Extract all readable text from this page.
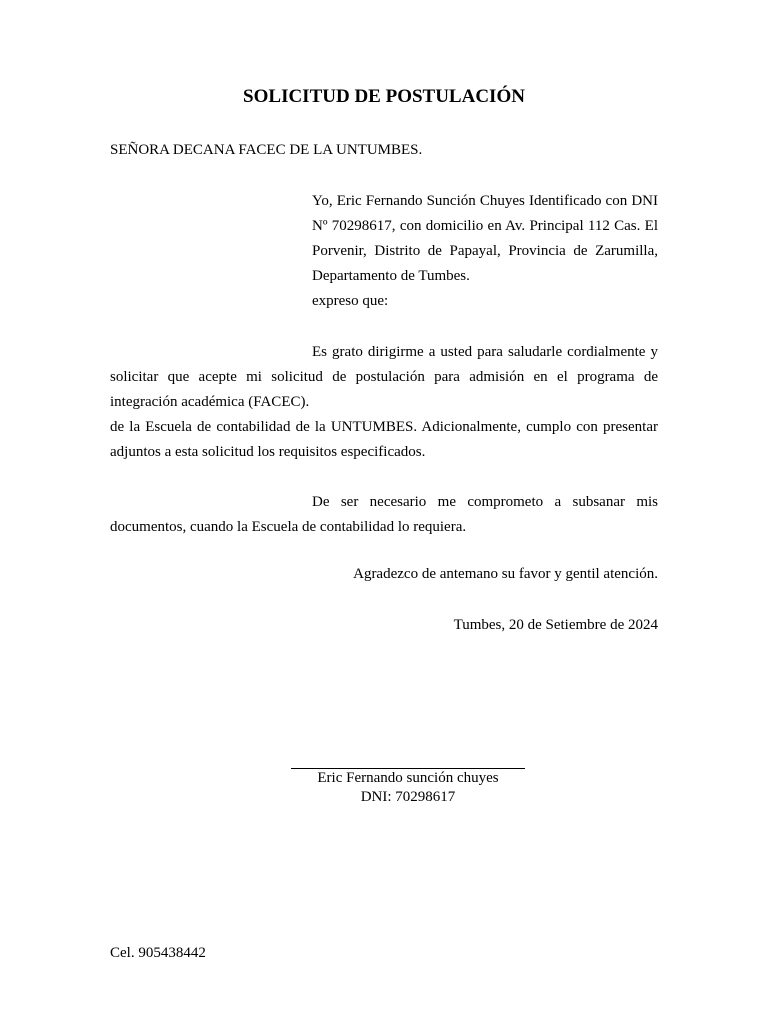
SOLICITUD DE POSTULACIÓN

SEÑORA DECANA FACEC DE LA UNTUMBES.

Yo, Eric Fernando Sunción Chuyes Identificado con DNI Nº 70298617, con domicilio en Av. Principal 112 Cas. El Porvenir, Distrito de Papayal, Provincia de Zarumilla, Departamento de Tumbes.
expreso que:

Es grato dirigirme a usted para saludarle cordialmente y solicitar que acepte mi solicitud de postulación para admisión en el programa de integración académica (FACEC).

de la Escuela de contabilidad de la UNTUMBES. Adicionalmente, cumplo con presentar adjuntos a esta solicitud los requisitos especificados.

De ser necesario me comprometo a subsanar mis documentos, cuando la Escuela de contabilidad lo requiera.

Agradezco de antemano su favor y gentil atención.

Tumbes, 20 de Setiembre de 2024

Eric Fernando sunción chuyes
DNI: 70298617

Cel. 905438442
